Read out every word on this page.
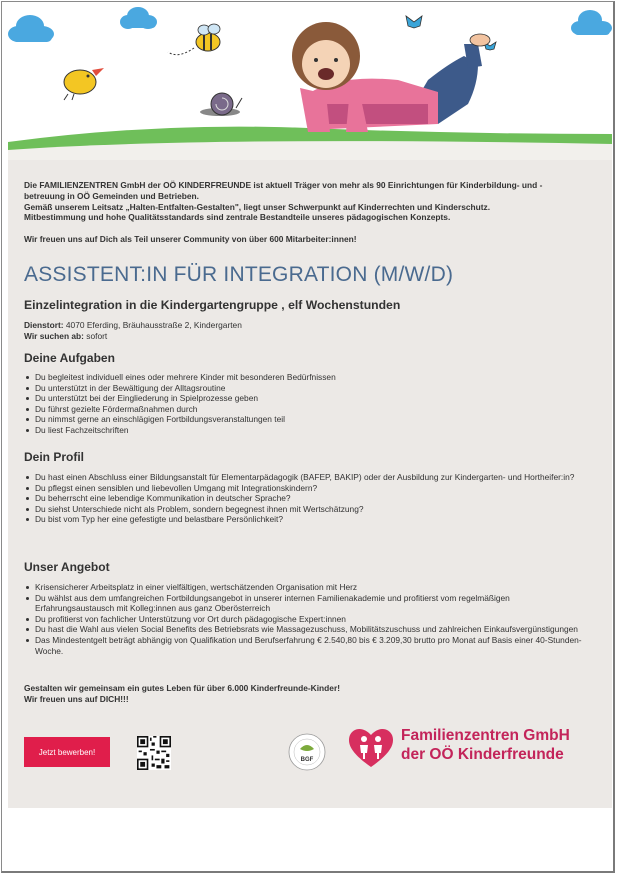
Die FAMILIENZENTREN GmbH der OÖ KINDERFREUNDE ist aktuell Träger von mehr als 90 Einrichtungen für Kinderbildung- und -

betreuung in OÖ Gemeinden und Betrieben.

Gemäß unserem Leitsatz „Halten-Entfalten-Gestalten", liegt unser Schwerpunkt auf Kinderrechten und Kinderschutz.

Mitbestimmung und hohe Qualitätsstandards sind zentrale Bestandteile unseres pädagogischen Konzepts.

Wir freuen uns auf Dich als Teil unserer Community von über 600 Mitarbeiter:innen!

ASSISTENT:IN FÜR INTEGRATION (M/W/D)
Einzelintegration in die Kindergartengruppe , elf Wochenstunden
Dienstort: 4070 Eferding, Bräuhausstraße 2, Kindergarten
Wir suchen ab: sofort
Deine Aufgaben
Du begleitest individuell eines oder mehrere Kinder mit besonderen Bedürfnissen
Du unterstützt in der Bewältigung der Alltagsroutine
Du unterstützt bei der Eingliederung in Spielprozesse geben
Du führst gezielte Fördermaßnahmen durch
Du nimmst gerne an einschlägigen Fortbildungsveranstaltungen teil
Du liest Fachzeitschriften
Dein Profil
Du hast einen Abschluss einer Bildungsanstalt für Elementarpädagogik (BAFEP, BAKIP) oder der Ausbildung zur Kindergarten- und Hortheifer:in?
Du pflegst einen sensiblen und liebevollen Umgang mit Integrationskindern?
Du beherrscht eine lebendige Kommunikation in deutscher Sprache?
Du siehst Unterschiede nicht als Problem, sondern begegnest ihnen mit Wertschätzung?
Du bist vom Typ her eine gefestigte und belastbare Persönlichkeit?
Unser Angebot
Krisensicherer Arbeitsplatz in einer vielfältigen, wertschätzenden Organisation mit Herz
Du wählst aus dem umfangreichen Fortbildungsangebot in unserer internen Familienakademie und profitierst vom regelmäßigen Erfahrungsaustausch mit Kolleg:innen aus ganz Oberösterreich
Du profitierst von fachlicher Unterstützung vor Ort durch pädagogische Expert:innen
Du hast die Wahl aus vielen Social Benefits des Betriebsrats wie Massagezuschuss, Mobilitätszuschuss und zahlreichen Einkaufsvergünstigungen
Das Mindestentgelt beträgt abhängig von Qualifikation und Berufserfahrung € 2.540,80 bis € 3.209,30 brutto pro Monat auf Basis einer 40-Stunden-Woche.
Gestalten wir gemeinsam ein gutes Leben für über 6.000 Kinderfreunde-Kinder!
Wir freuen uns auf DICH!!!
Jetzt bewerben!
BGF
Familienzentren GmbH
der OÖ Kinderfreunde
